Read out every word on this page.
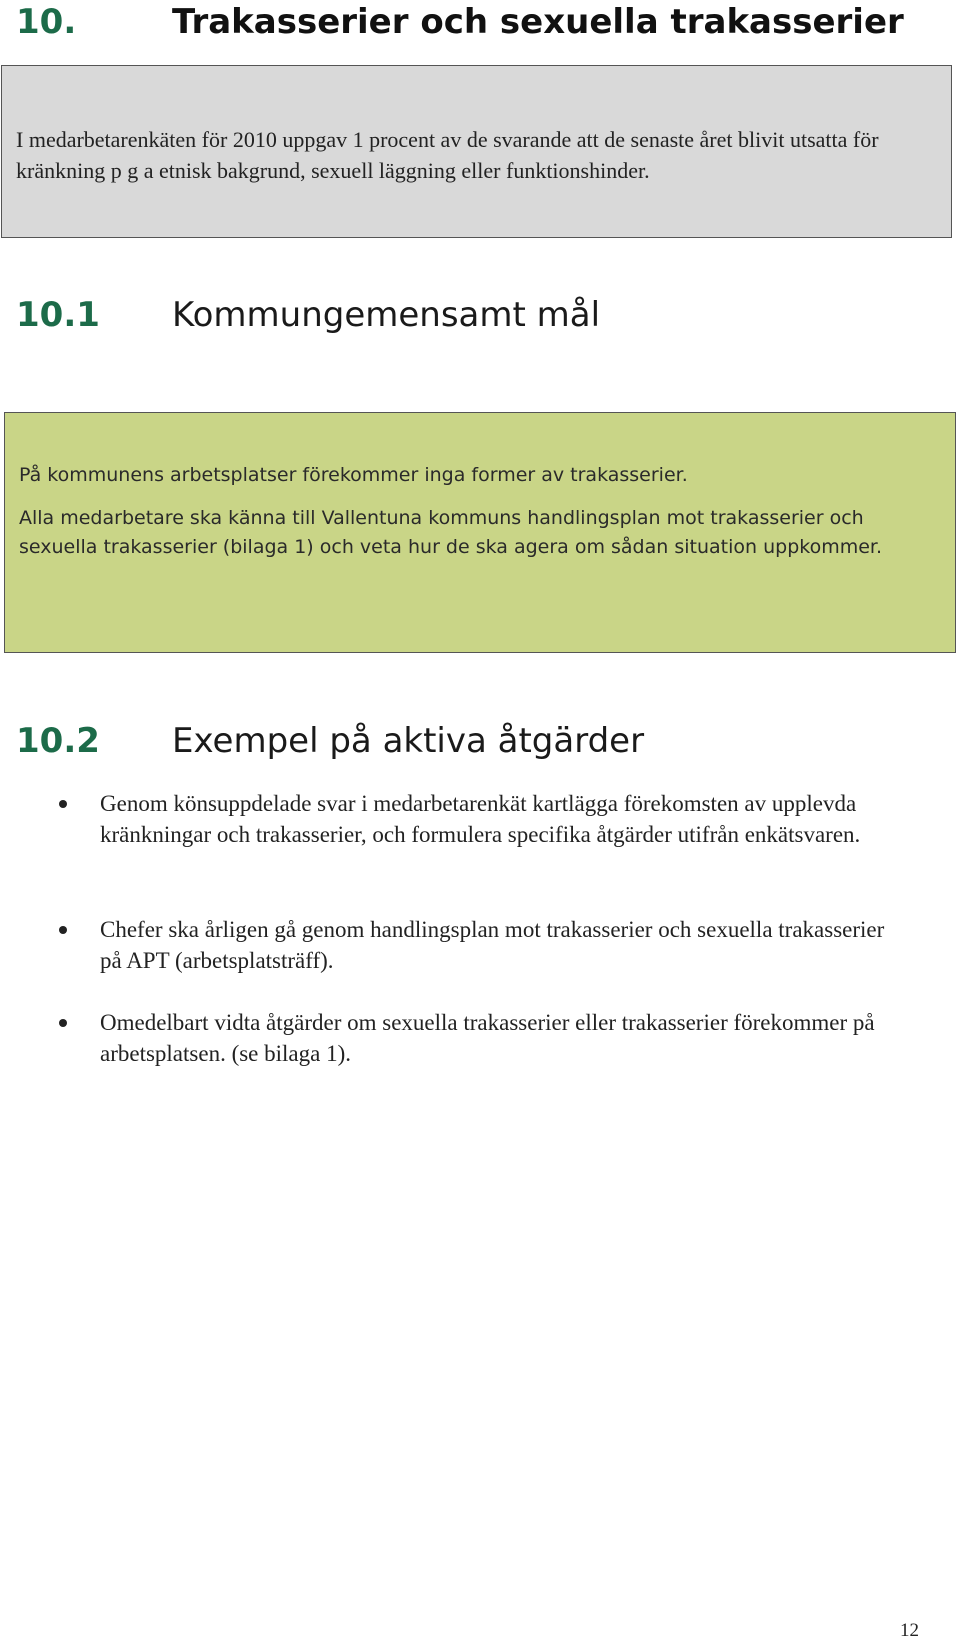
10.	Trakasserier och sexuella trakasserier

I medarbetarenkäten för 2010 uppgav 1 procent av de svarande att de senaste året blivit utsatta för kränkning p g a etnisk bakgrund, sexuell läggning eller funktionshinder.

10.1 Kommungemensamt mål

På kommunens arbetsplatser förekommer inga former av trakasserier.

Alla medarbetare ska känna till Vallentuna kommuns handlingsplan mot trakasserier och sexuella trakasserier (bilaga 1) och veta hur de ska agera om sådan situation uppkommer.

10.2 Exempel på aktiva åtgärder
Genom könsuppdelade svar i medarbetarenkät kartlägga förekomsten av upplevda kränkningar och trakasserier, och formulera specifika åtgärder utifrån enkätsvaren.
Chefer ska årligen gå genom handlingsplan mot trakasserier och sexuella trakasserier på APT (arbetsplatsträff).
Omedelbart vidta åtgärder om sexuella trakasserier eller trakasserier förekommer på arbetsplatsen. (se bilaga 1).
12
